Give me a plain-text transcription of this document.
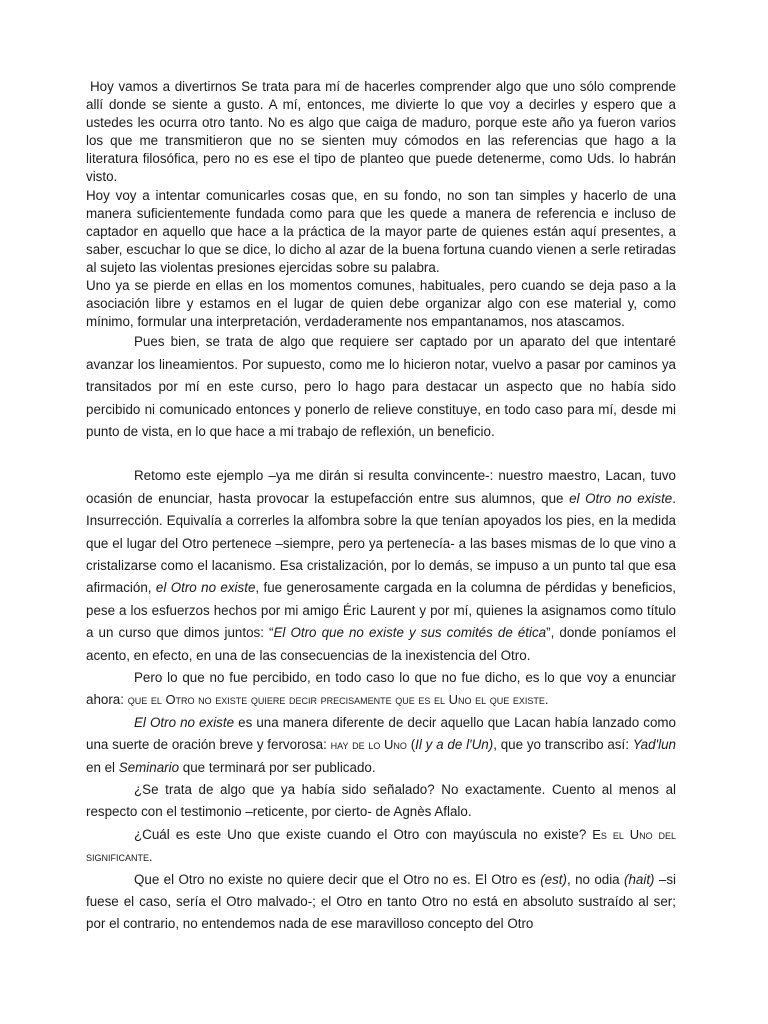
Hoy vamos a divertirnos Se trata para mí de hacerles comprender algo que uno sólo comprende allí donde se siente a gusto. A mí, entonces, me divierte lo que voy a decirles y espero que a ustedes les ocurra otro tanto. No es algo que caiga de maduro, porque este año ya fueron varios los que me transmitieron que no se sienten muy cómodos en las referencias que hago a la literatura filosófica, pero no es ese el tipo de planteo que puede detenerme, como Uds. lo habrán visto.

Hoy voy a intentar comunicarles cosas que, en su fondo, no son tan simples y hacerlo de una manera suficientemente fundada como para que les quede a manera de referencia e incluso de captador en aquello que hace a la práctica de la mayor parte de quienes están aquí presentes, a saber, escuchar lo que se dice, lo dicho al azar de la buena fortuna cuando vienen a serle retiradas al sujeto las violentas presiones ejercidas sobre su palabra.

Uno ya se pierde en ellas en los momentos comunes, habituales, pero cuando se deja paso a la asociación libre y estamos en el lugar de quien debe organizar algo con ese material y, como mínimo, formular una interpretación, verdaderamente nos empantanamos, nos atascamos.

Pues bien, se trata de algo que requiere ser captado por un aparato del que intentaré avanzar los lineamientos. Por supuesto, como me lo hicieron notar, vuelvo a pasar por caminos ya transitados por mí en este curso, pero lo hago para destacar un aspecto que no había sido percibido ni comunicado entonces y ponerlo de relieve constituye, en todo caso para mí, desde mi punto de vista, en lo que hace a mi trabajo de reflexión, un beneficio.

Retomo este ejemplo –ya me dirán si resulta convincente-: nuestro maestro, Lacan, tuvo ocasión de enunciar, hasta provocar la estupefacción entre sus alumnos, que el Otro no existe. Insurrección. Equivalía a correrles la alfombra sobre la que tenían apoyados los pies, en la medida que el lugar del Otro pertenece –siempre, pero ya pertenecía- a las bases mismas de lo que vino a cristalizarse como el lacanismo. Esa cristalización, por lo demás, se impuso a un punto tal que esa afirmación, el Otro no existe, fue generosamente cargada en la columna de pérdidas y beneficios, pese a los esfuerzos hechos por mi amigo Éric Laurent y por mí, quienes la asignamos como título a un curso que dimos juntos: “El Otro que no existe y sus comités de ética”, donde poníamos el acento, en efecto, en una de las consecuencias de la inexistencia del Otro.

Pero lo que no fue percibido, en todo caso lo que no fue dicho, es lo que voy a enunciar ahora: que el Otro no existe quiere decir precisamente que es el Uno el que existe.

El Otro no existe es una manera diferente de decir aquello que Lacan había lanzado como una suerte de oración breve y fervorosa: hay de lo Uno (Il y a de l'Un), que yo transcribo así: Yad'lun en el Seminario que terminará por ser publicado.

¿Se trata de algo que ya había sido señalado? No exactamente. Cuento al menos al respecto con el testimonio –reticente, por cierto- de Agnès Aflalo.

¿Cuál es este Uno que existe cuando el Otro con mayúscula no existe? Es el Uno del significante.

Que el Otro no existe no quiere decir que el Otro no es. El Otro es (est), no odia (hait) –si fuese el caso, sería el Otro malvado-; el Otro en tanto Otro no está en absoluto sustraído al ser; por el contrario, no entendemos nada de ese maravilloso concepto del Otro
